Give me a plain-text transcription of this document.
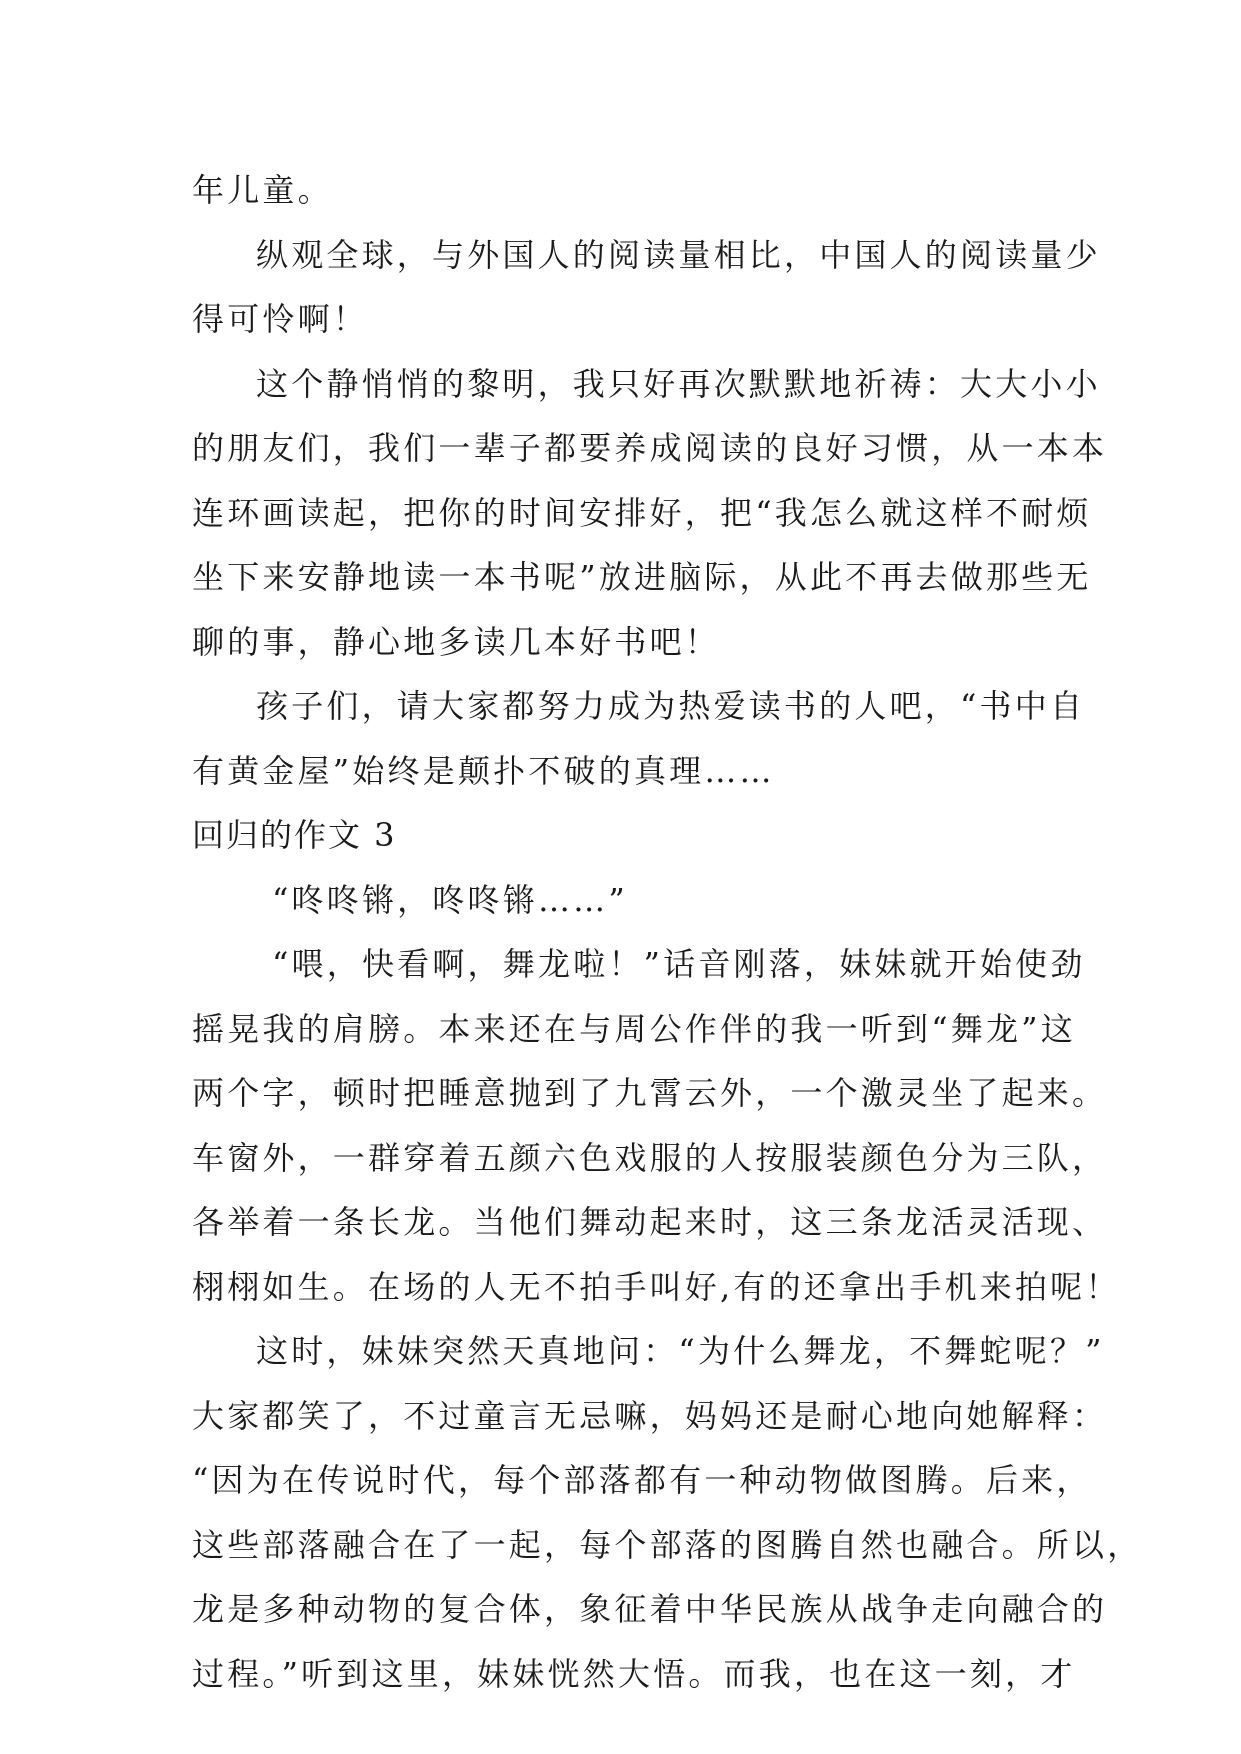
年儿童。
纵观全球，与外国人的阅读量相比，中国人的阅读量少
得可怜啊！
这个静悄悄的黎明，我只好再次默默地祈祷：大大小小
的朋友们，我们一辈子都要养成阅读的良好习惯，从一本本
连环画读起，把你的时间安排好，把“我怎么就这样不耐烦
坐下来安静地读一本书呢”放进脑际，从此不再去做那些无
聊的事，静心地多读几本好书吧！
孩子们，请大家都努力成为热爱读书的人吧，“书中自
有黄金屋”始终是颠扑不破的真理……
回归的作文 3
“咚咚锵，咚咚锵……”
“喂，快看啊，舞龙啦！”话音刚落，妹妹就开始使劲
摇晃我的肩膀。本来还在与周公作伴的我一听到“舞龙”这
两个字，顿时把睡意抛到了九霄云外，一个激灵坐了起来。
车窗外，一群穿着五颜六色戏服的人按服装颜色分为三队，
各举着一条长龙。当他们舞动起来时，这三条龙活灵活现、
栩栩如生。在场的人无不拍手叫好,有的还拿出手机来拍呢！
这时，妹妹突然天真地问：“为什么舞龙，不舞蛇呢？”
大家都笑了，不过童言无忌嘛，妈妈还是耐心地向她解释：
“因为在传说时代，每个部落都有一种动物做图腾。后来，
这些部落融合在了一起，每个部落的图腾自然也融合。所以，
龙是多种动物的复合体，象征着中华民族从战争走向融合的
过程。”听到这里，妹妹恍然大悟。而我，也在这一刻，才
